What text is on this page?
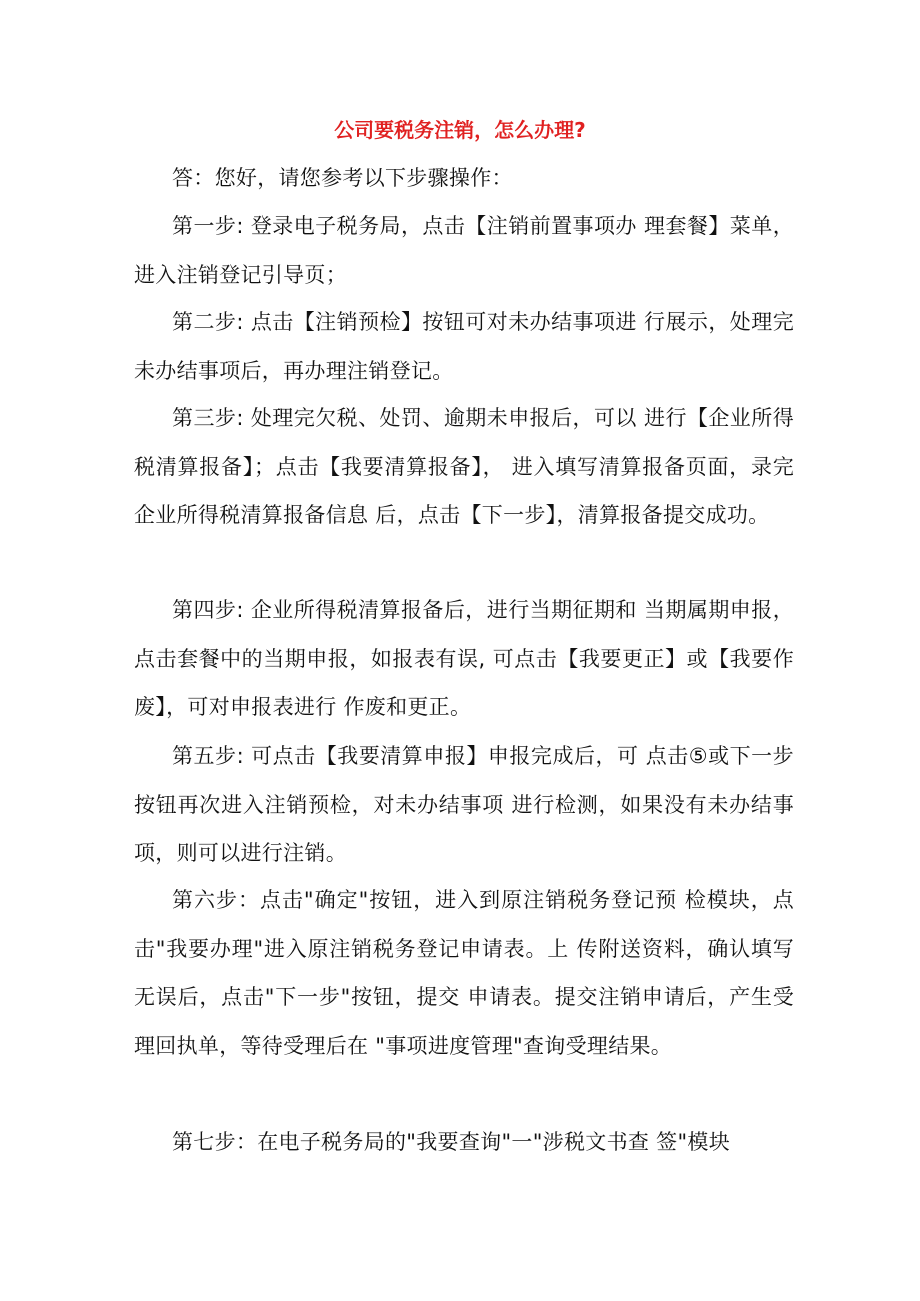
公司要税务注销，怎么办理?

答：您好，请您参考以下步骤操作：

第一步: 登录电子税务局，点击【注销前置事项办 理套餐】菜单，进入注销登记引导页；

第二步: 点击【注销预检】按钮可对未办结事项进 行展示，处理完未办结事项后，再办理注销登记。

第三步: 处理完欠税、处罚、逾期未申报后，可以 进行【企业所得税清算报备】；点击【我要清算报备】， 进入填写清算报备页面，录完企业所得税清算报备信息 后，点击【下一步】，清算报备提交成功。

第四步: 企业所得税清算报备后，进行当期征期和 当期属期申报，点击套餐中的当期申报，如报表有误, 可点击【我要更正】或【我要作废】，可对申报表进行 作废和更正。

第五步: 可点击【我要清算申报】申报完成后，可 点击⑤或下一步按钮再次进入注销预检，对未办结事项 进行检测，如果没有未办结事项，则可以进行注销。

第六步：点击"确定"按钮，进入到原注销税务登记预 检模块，点击"我要办理"进入原注销税务登记申请表。上 传附送资料，确认填写无误后，点击"下一步"按钮，提交 申请表。提交注销申请后，产生受理回执单，等待受理后在 "事项进度管理"查询受理结果。

第七步：在电子税务局的"我要查询"一"涉税文书查 签"模块
